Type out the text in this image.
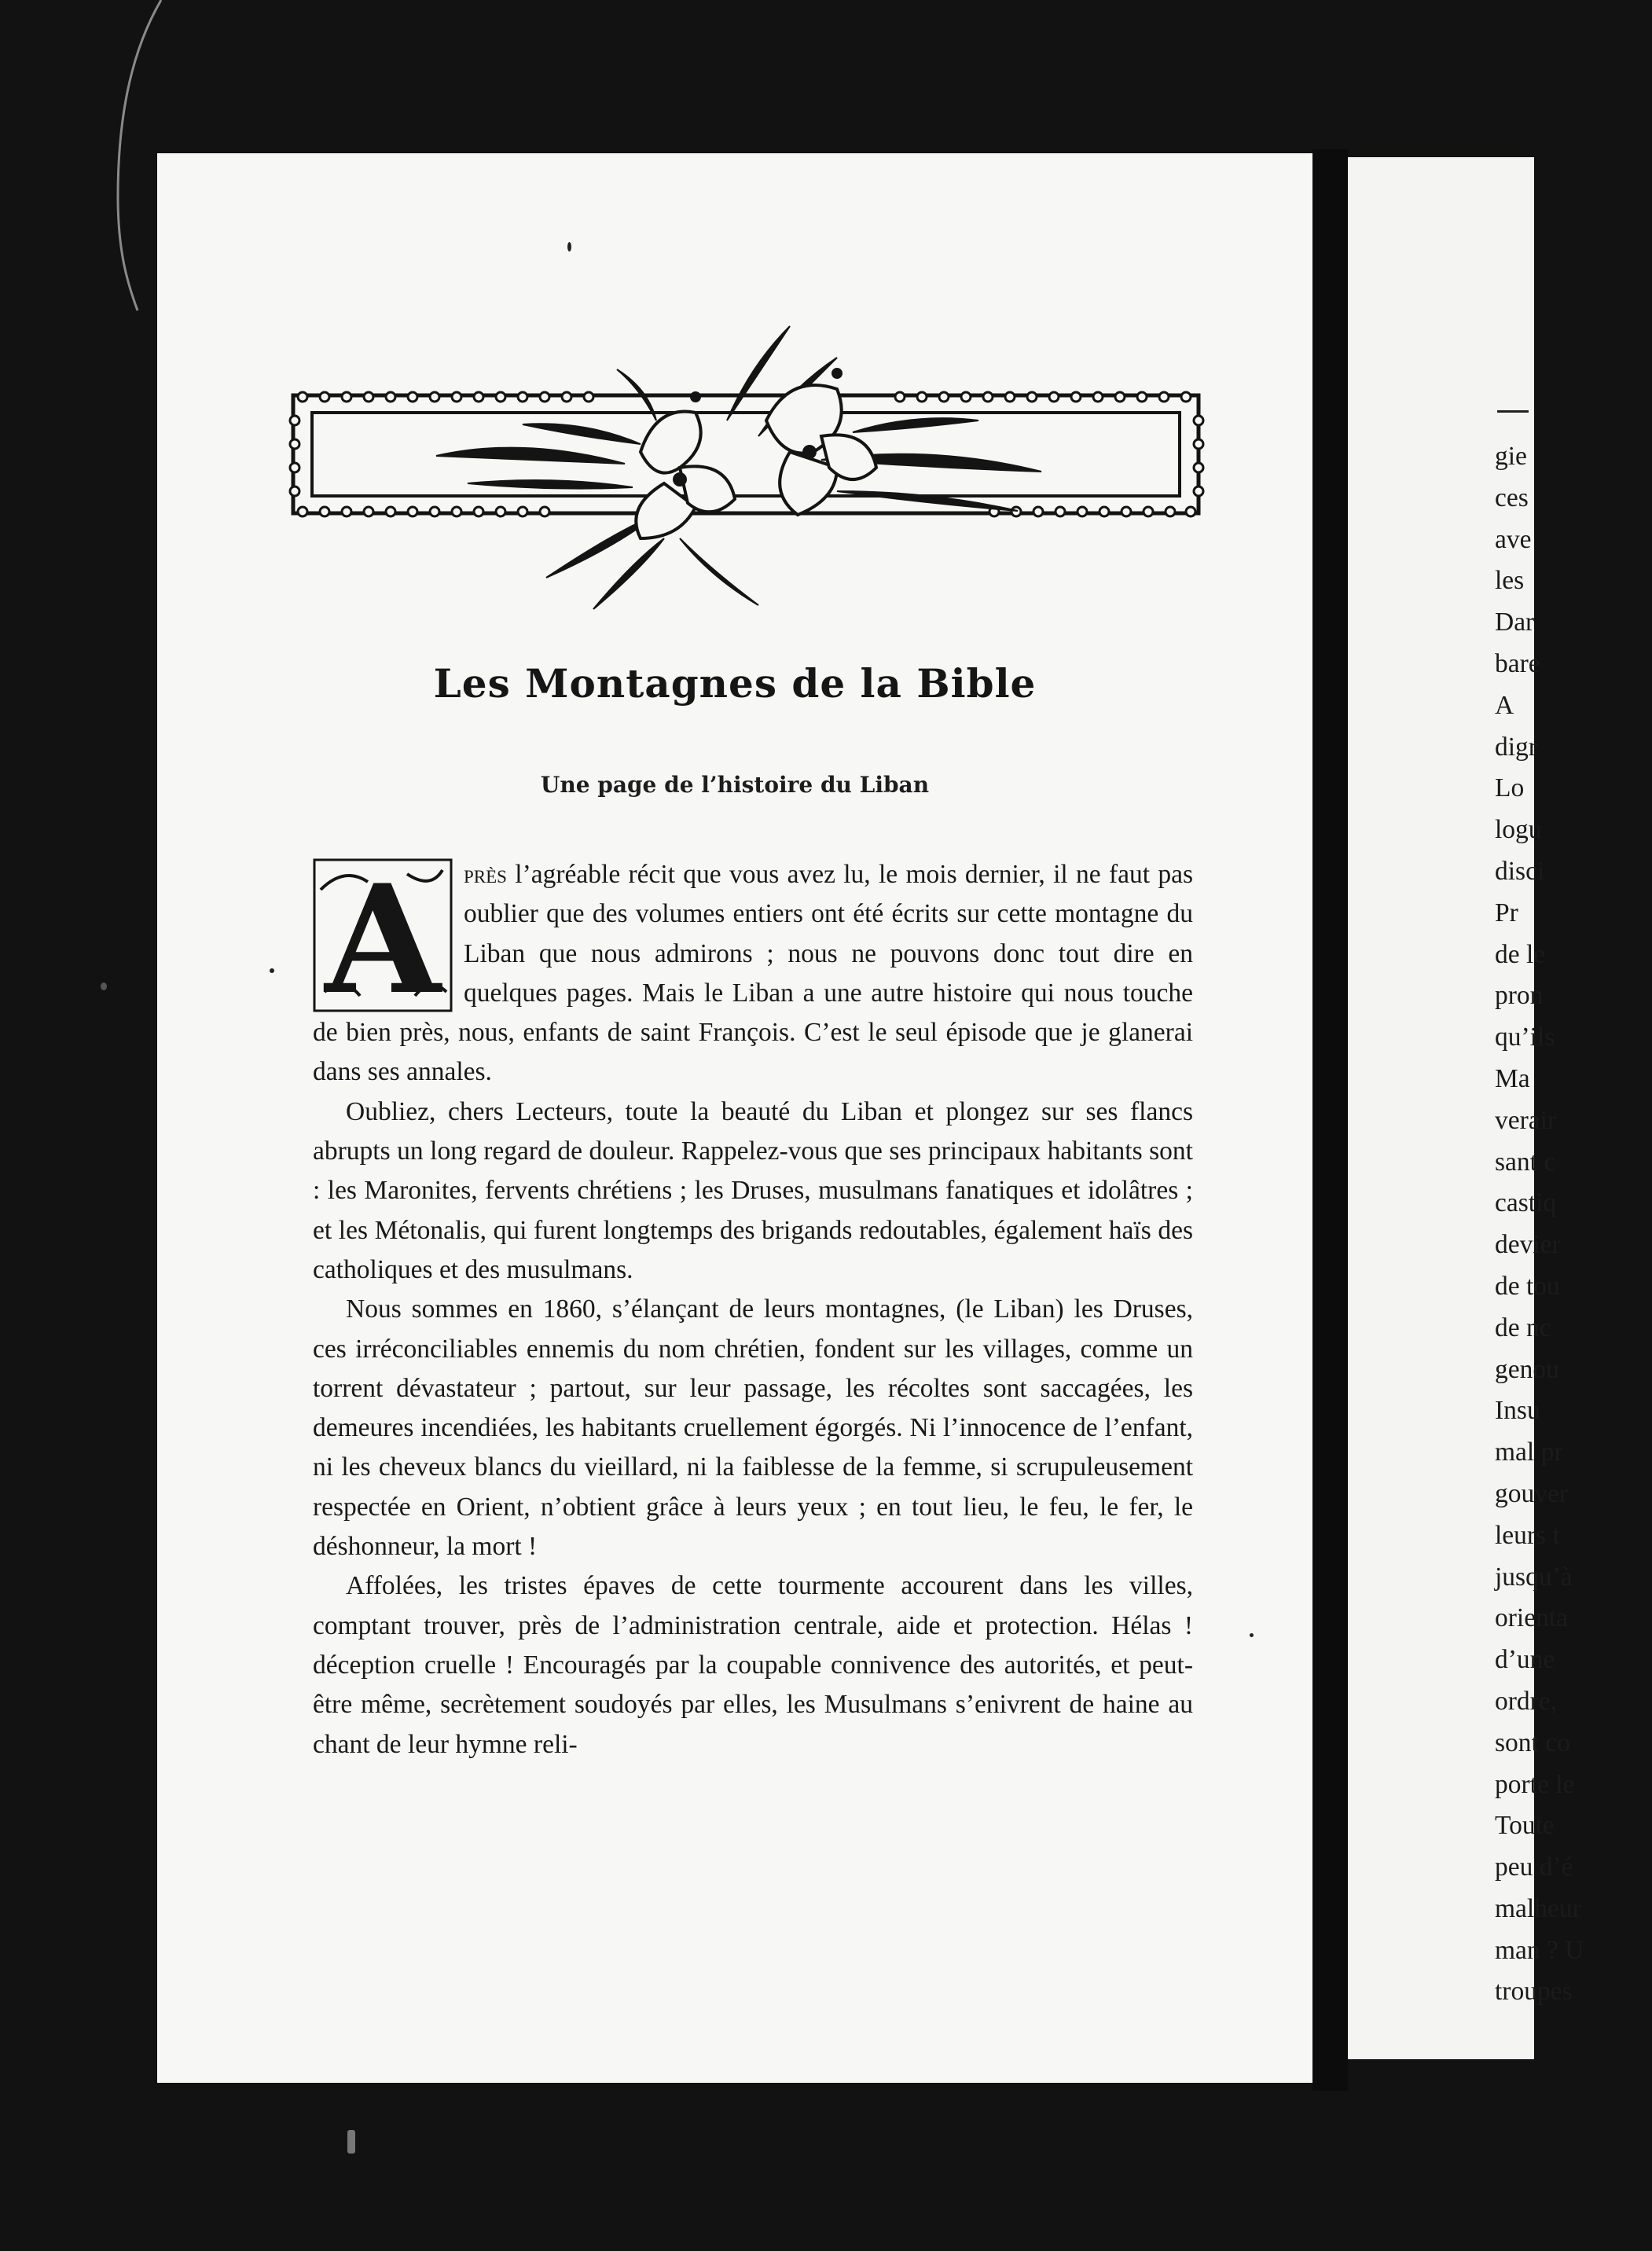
Les Montagnes de la Bible
Une page de l’histoire du Liban
A près l’agréable récit que vous avez lu, le mois dernier, il ne faut pas oublier que des volumes entiers ont été écrits sur cette montagne du Liban que nous admirons ; nous ne pouvons donc tout dire en quelques pages. Mais le Liban a une autre histoire qui nous touche de bien près, nous, enfants de saint François. C’est le seul épisode que je glanerai dans ses annales.

Oubliez, chers Lecteurs, toute la beauté du Liban et plongez sur ses flancs abrupts un long regard de douleur. Rappelez-vous que ses principaux habitants sont : les Maronites, fervents chrétiens ; les Druses, musulmans fanatiques et idolâtres ; et les Métonalis, qui furent longtemps des brigands redoutables, également haïs des catholiques et des musulmans.

Nous sommes en 1860, s’élançant de leurs montagnes, (le Liban) les Druses, ces irréconciliables ennemis du nom chrétien, fondent sur les villages, comme un torrent dévastateur ; partout, sur leur passage, les récoltes sont saccagées, les demeures incendiées, les habitants cruellement égorgés. Ni l’innocence de l’enfant, ni les cheveux blancs du vieillard, ni la faiblesse de la femme, si scrupuleusement respectée en Orient, n’obtient grâce à leurs yeux ; en tout lieu, le feu, le fer, le déshonneur, la mort !

Affolées, les tristes épaves de cette tourmente accourent dans les villes, comptant trouver, près de l’administration centrale, aide et protection. Hélas ! déception cruelle ! Encouragés par la coupable connivence des autorités, et peut-être même, secrètement soudoyés par elles, les Musulmans s’enivrent de haine au chant de leur hymne reli-

gie
ces
ave
les
Dar
bare
A
digr
Lo
logu
disci
Pr
de le
pron
qu’ils
Ma
verair
sant c
castiq
devier
de tou
de nc
genou
Insu
mal pr
gouver
leurs t
jusqu’à
orienta
d’une
ordre,
sont co
porte le
Toute
peu d’é
malheur
man ? U
troupes
